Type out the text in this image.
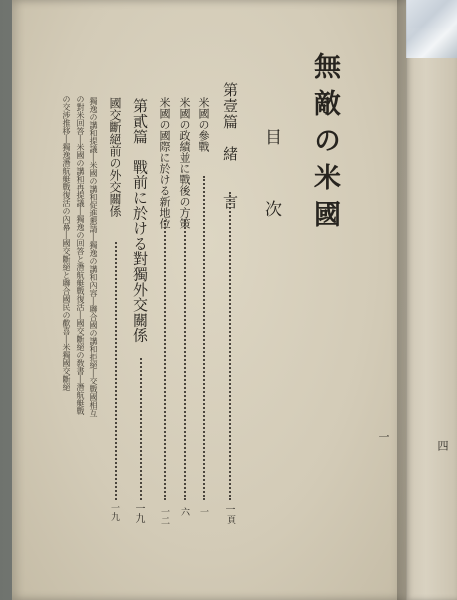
無敵の米國
目
次
第壹篇　緒　　言
一
頁
米國の參戰
一
米國の政績並に戰後の方策
六
米國の國際に於ける新地位
一二
第貳篇　戰前に於ける對獨外交關係
一九
國交斷絕前の外交關係
一九
獨逸の講和提議―米國の講和促進懇請―獨逸の講和內容―聯合國の講和拒絕―交戰國相互
の對米回答―米國の講和再提議―獨逸の回答と潛航艇戰復活―國交斷絕の敎書―潛航艇戰
の交涉推移―獨逸潛航艇戰復活の內幕―國交斷絕と聯合國民の歡喜―米獨國交斷絕
一
四
